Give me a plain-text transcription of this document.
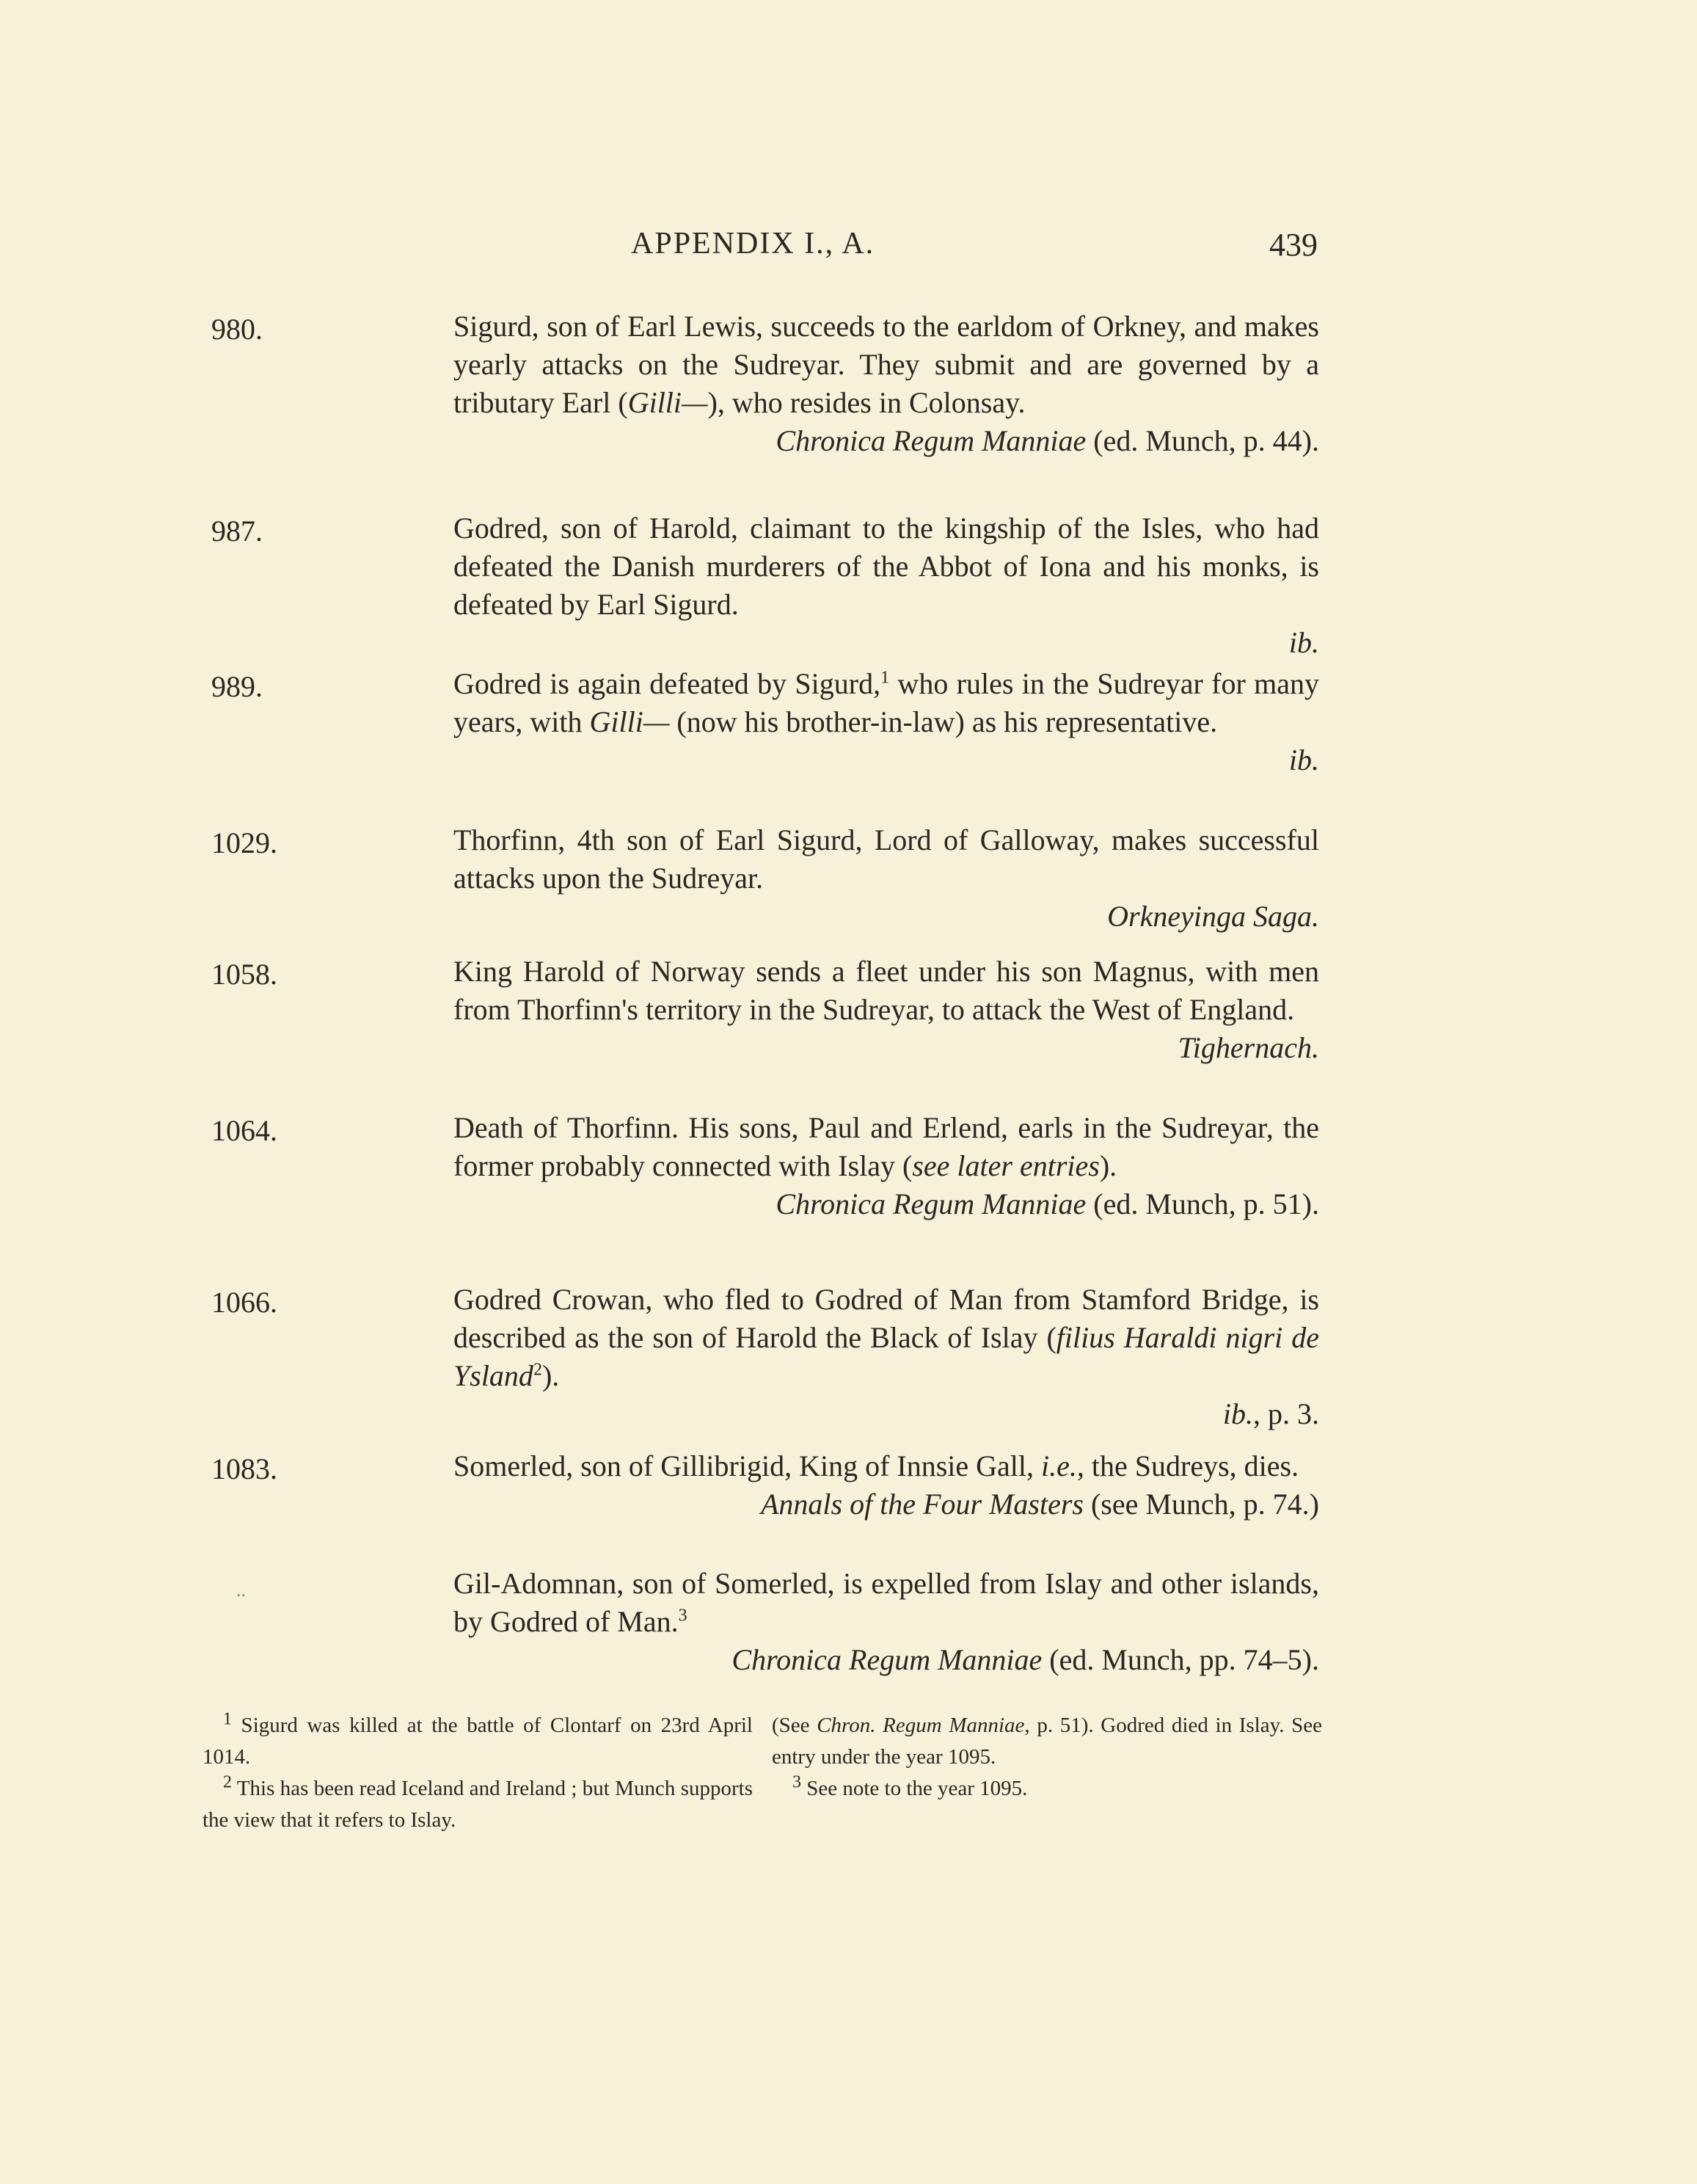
APPENDIX I., A.	439
980.	Sigurd, son of Earl Lewis, succeeds to the earldom of Orkney, and makes yearly attacks on the Sudreyar. They submit and are governed by a tributary Earl (Gilli—), who resides in Colonsay.
Chronica Regum Manniae (ed. Munch, p. 44).
987.	Godred, son of Harold, claimant to the kingship of the Isles, who had defeated the Danish murderers of the Abbot of Iona and his monks, is defeated by Earl Sigurd.
ib.
989.	Godred is again defeated by Sigurd,$^1$ who rules in the Sudreyar for many years, with Gilli— (now his brother-in-law) as his representative.
ib.
1029.	Thorfinn, 4th son of Earl Sigurd, Lord of Galloway, makes successful attacks upon the Sudreyar.
Orkneyinga Saga.
1058.	King Harold of Norway sends a fleet under his son Magnus, with men from Thorfinn's territory in the Sudreyar, to attack the West of England.
Tighernach.
1064.	Death of Thorfinn. His sons, Paul and Erlend, earls in the Sudreyar, the former probably connected with Islay (see later entries).
Chronica Regum Manniae (ed. Munch, p. 51).
1066.	Godred Crowan, who fled to Godred of Man from Stamford Bridge, is described as the son of Harold the Black of Islay (filius Haraldi nigri de Ysland$^2$).
ib., p. 3.
1083.	Somerled, son of Gillibrigid, King of Innsie Gall, i.e., the Sudreys, dies.
Annals of the Four Masters (see Munch, p. 74.)
..	Gil-Adomnan, son of Somerled, is expelled from Islay and other islands, by Godred of Man.$^3$
Chronica Regum Manniae (ed. Munch, pp. 74–5).

$^1$ Sigurd was killed at the battle of Clontarf on 23rd April 1014.

$^2$ This has been read Iceland and Ireland ; but Munch supports the view that it refers to Islay.

(See Chron. Regum Manniae, p. 51). Godred died in Islay. See entry under the year 1095.

$^3$ See note to the year 1095.
